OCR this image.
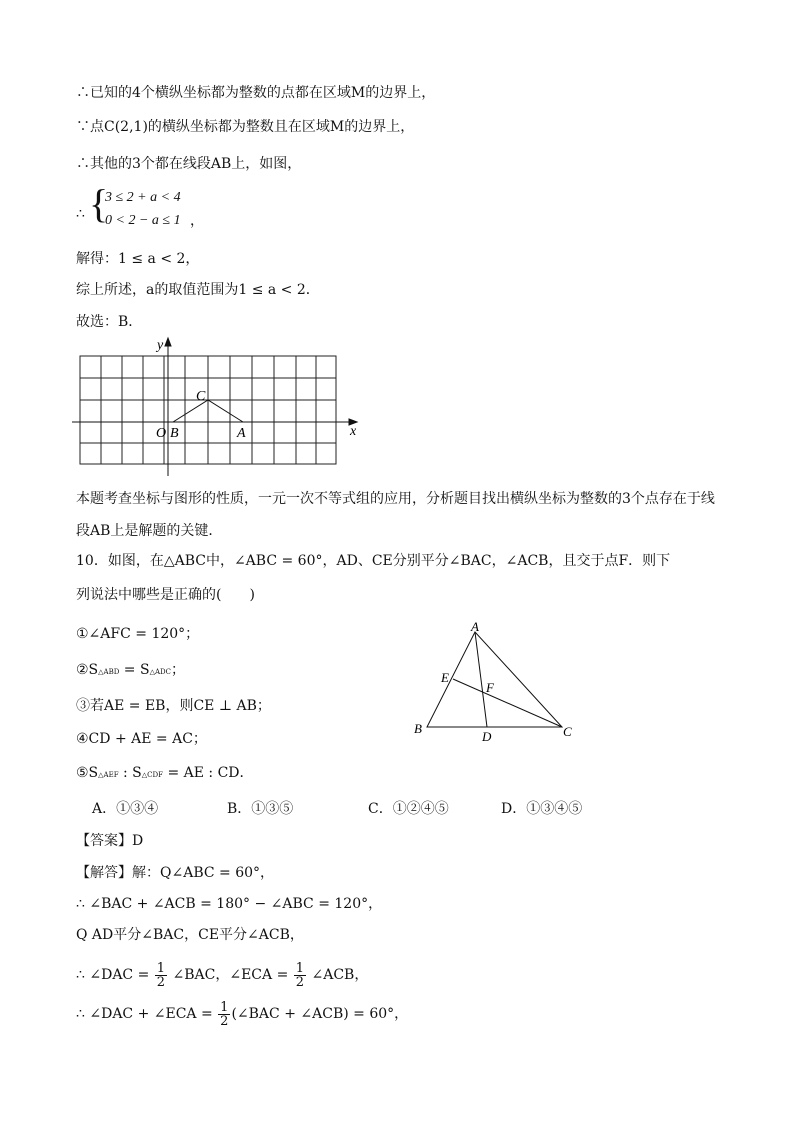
∴已知的4个横纵坐标都为整数的点都在区域M的边界上，
∵点C(2,1)的横纵坐标都为整数且在区域M的边界上，
∴其他的3个都在线段AB上，如图，
∴ {
3 ≤ 2 + a < 4
0 < 2 − a ≤ 1 ，
解得：1 ≤ a < 2，
综上所述，a的取值范围为1 ≤ a < 2．
故选：B．
y
x
O B
C
A
本题考查坐标与图形的性质，一元一次不等式组的应用，分析题目找出横纵坐标为整数的3个点存在于线
段AB上是解题的关键．
10．如图，在△ABC中，∠ABC = 60°，AD、CE分别平分∠BAC，∠ACB，且交于点F．则下
列说法中哪些是正确的(　　)
①∠AFC = 120°；
②S△ABD = S△ADC；
③若AE = EB，则CE ⊥ AB；
④CD + AE = AC；
⑤S△AEF : S△CDF = AE : CD．
A
B	C
D
E
F
A．①③④	B．①③⑤	C．①②④⑤	D．①③④⑤
【答案】D
【解答】解：Q∠ABC = 60°，
∴ ∠BAC + ∠ACB = 180° − ∠ABC = 120°，
Q AD平分∠BAC，CE平分∠ACB，
∴ ∠DAC = $\frac{1}{2}$ ∠BAC，∠ECA = $\frac{1}{2}$ ∠ACB，
∴ ∠DAC + ∠ECA = $\frac{1}{2}$ (∠BAC + ∠ACB) = 60°，
